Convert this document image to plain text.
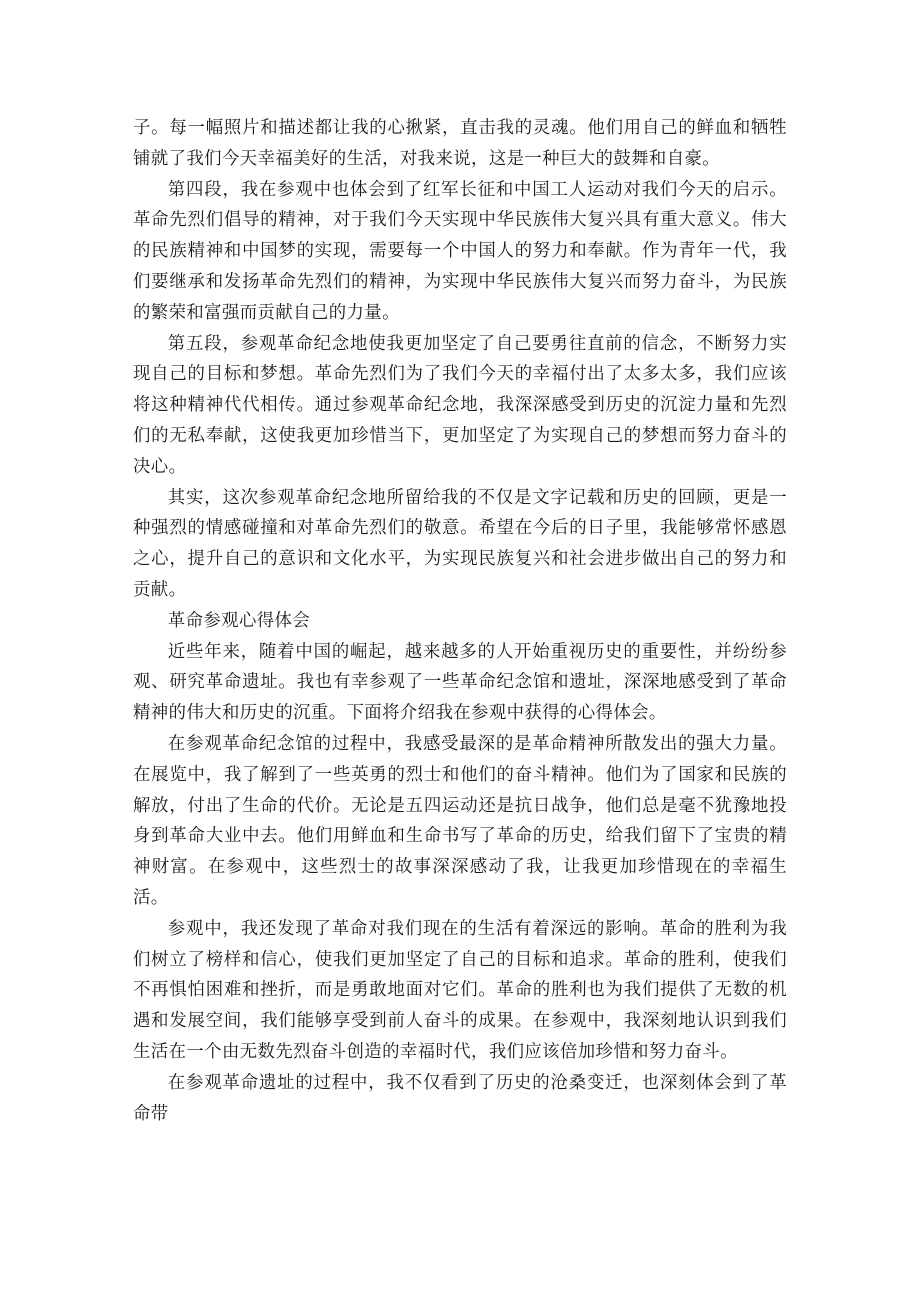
子。每一幅照片和描述都让我的心揪紧，直击我的灵魂。他们用自己的鲜血和牺牲铺就了我们今天幸福美好的生活，对我来说，这是一种巨大的鼓舞和自豪。

第四段，我在参观中也体会到了红军长征和中国工人运动对我们今天的启示。革命先烈们倡导的精神，对于我们今天实现中华民族伟大复兴具有重大意义。伟大的民族精神和中国梦的实现，需要每一个中国人的努力和奉献。作为青年一代，我们要继承和发扬革命先烈们的精神，为实现中华民族伟大复兴而努力奋斗，为民族的繁荣和富强而贡献自己的力量。

第五段，参观革命纪念地使我更加坚定了自己要勇往直前的信念，不断努力实现自己的目标和梦想。革命先烈们为了我们今天的幸福付出了太多太多，我们应该将这种精神代代相传。通过参观革命纪念地，我深深感受到历史的沉淀力量和先烈们的无私奉献，这使我更加珍惜当下，更加坚定了为实现自己的梦想而努力奋斗的决心。

其实，这次参观革命纪念地所留给我的不仅是文字记载和历史的回顾，更是一种强烈的情感碰撞和对革命先烈们的敬意。希望在今后的日子里，我能够常怀感恩之心，提升自己的意识和文化水平，为实现民族复兴和社会进步做出自己的努力和贡献。

革命参观心得体会

近些年来，随着中国的崛起，越来越多的人开始重视历史的重要性，并纷纷参观、研究革命遗址。我也有幸参观了一些革命纪念馆和遗址，深深地感受到了革命精神的伟大和历史的沉重。下面将介绍我在参观中获得的心得体会。

在参观革命纪念馆的过程中，我感受最深的是革命精神所散发出的强大力量。在展览中，我了解到了一些英勇的烈士和他们的奋斗精神。他们为了国家和民族的解放，付出了生命的代价。无论是五四运动还是抗日战争，他们总是毫不犹豫地投身到革命大业中去。他们用鲜血和生命书写了革命的历史，给我们留下了宝贵的精神财富。在参观中，这些烈士的故事深深感动了我，让我更加珍惜现在的幸福生活。

参观中，我还发现了革命对我们现在的生活有着深远的影响。革命的胜利为我们树立了榜样和信心，使我们更加坚定了自己的目标和追求。革命的胜利，使我们不再惧怕困难和挫折，而是勇敢地面对它们。革命的胜利也为我们提供了无数的机遇和发展空间，我们能够享受到前人奋斗的成果。在参观中，我深刻地认识到我们生活在一个由无数先烈奋斗创造的幸福时代，我们应该倍加珍惜和努力奋斗。

在参观革命遗址的过程中，我不仅看到了历史的沧桑变迁，也深刻体会到了革命带
